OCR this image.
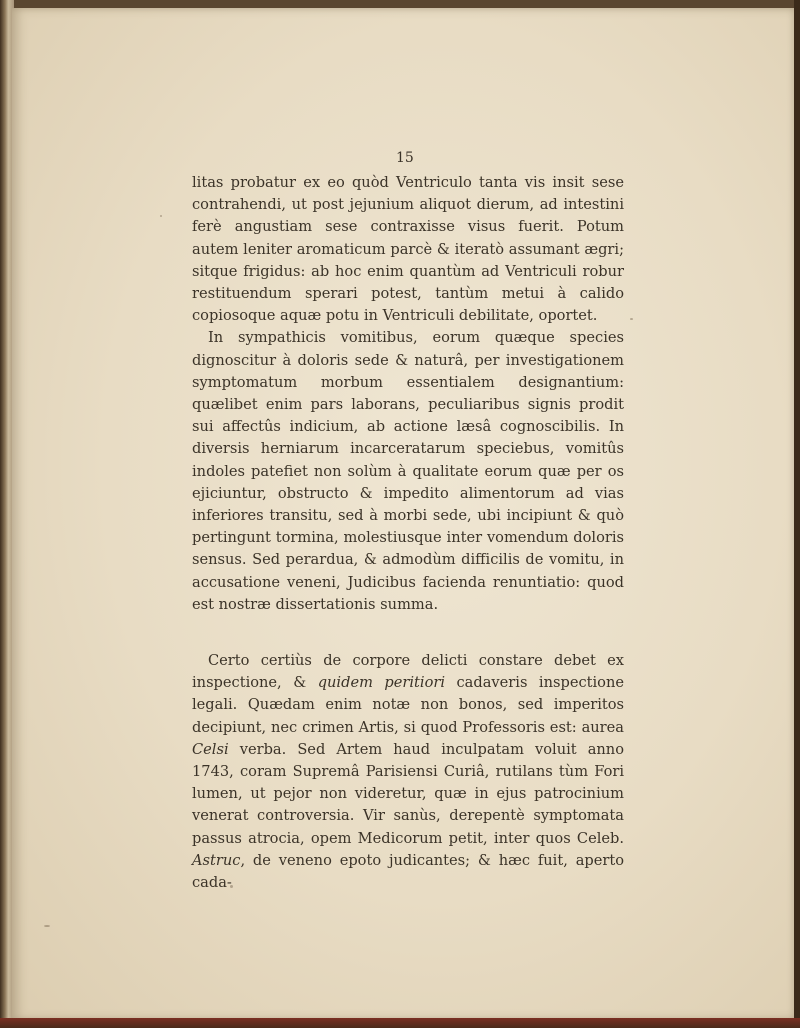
15

litas probatur ex eo quòd Ventriculo tanta vis insit sese contrahendi, ut post jejunium aliquot dierum, ad intestini ferè angustiam sese contraxisse visus fuerit. Potum autem leniter aromaticum parcè & iteratò assumant ægri; sitque frigidus: ab hoc enim quantùm ad Ventriculi robur restituendum sperari potest, tantùm metui à calido copiosoque aquæ potu in Ventriculi debilitate, oportet.

In sympathicis vomitibus, eorum quæque species dignoscitur à doloris sede & naturâ, per investigationem symptomatum morbum essentialem designantium: quælibet enim pars laborans, peculiaribus signis prodit sui affectûs indicium, ab actione læsâ cognoscibilis. In diversis herniarum incarceratarum speciebus, vomitûs indoles patefiet non solùm à qualitate eorum quæ per os ejiciuntur, obstructo & impedito alimentorum ad vias inferiores transitu, sed à morbi sede, ubi incipiunt & quò pertingunt tormina, molestiusque inter vomendum doloris sensus. Sed perardua, & admodùm difficilis de vomitu, in accusatione veneni, Judicibus facienda renuntiatio: quod est nostræ dissertationis summa.

Certo certiùs de corpore delicti constare debet ex inspectione, & quidem peritiori cadaveris inspectione legali. Quædam enim notæ non bonos, sed imperitos decipiunt, nec crimen Artis, si quod Professoris est: aurea Celsi verba. Sed Artem haud inculpatam voluit anno 1743, coram Supremâ Parisiensi Curiâ, rutilans tùm Fori lumen, ut pejor non videretur, quæ in ejus patrocinium venerat controversia. Vir sanùs, derepentè symptomata passus atrocia, opem Medicorum petit, inter quos Celeb. Astruc, de veneno epoto judicantes; & hæc fuit, aperto cada-
